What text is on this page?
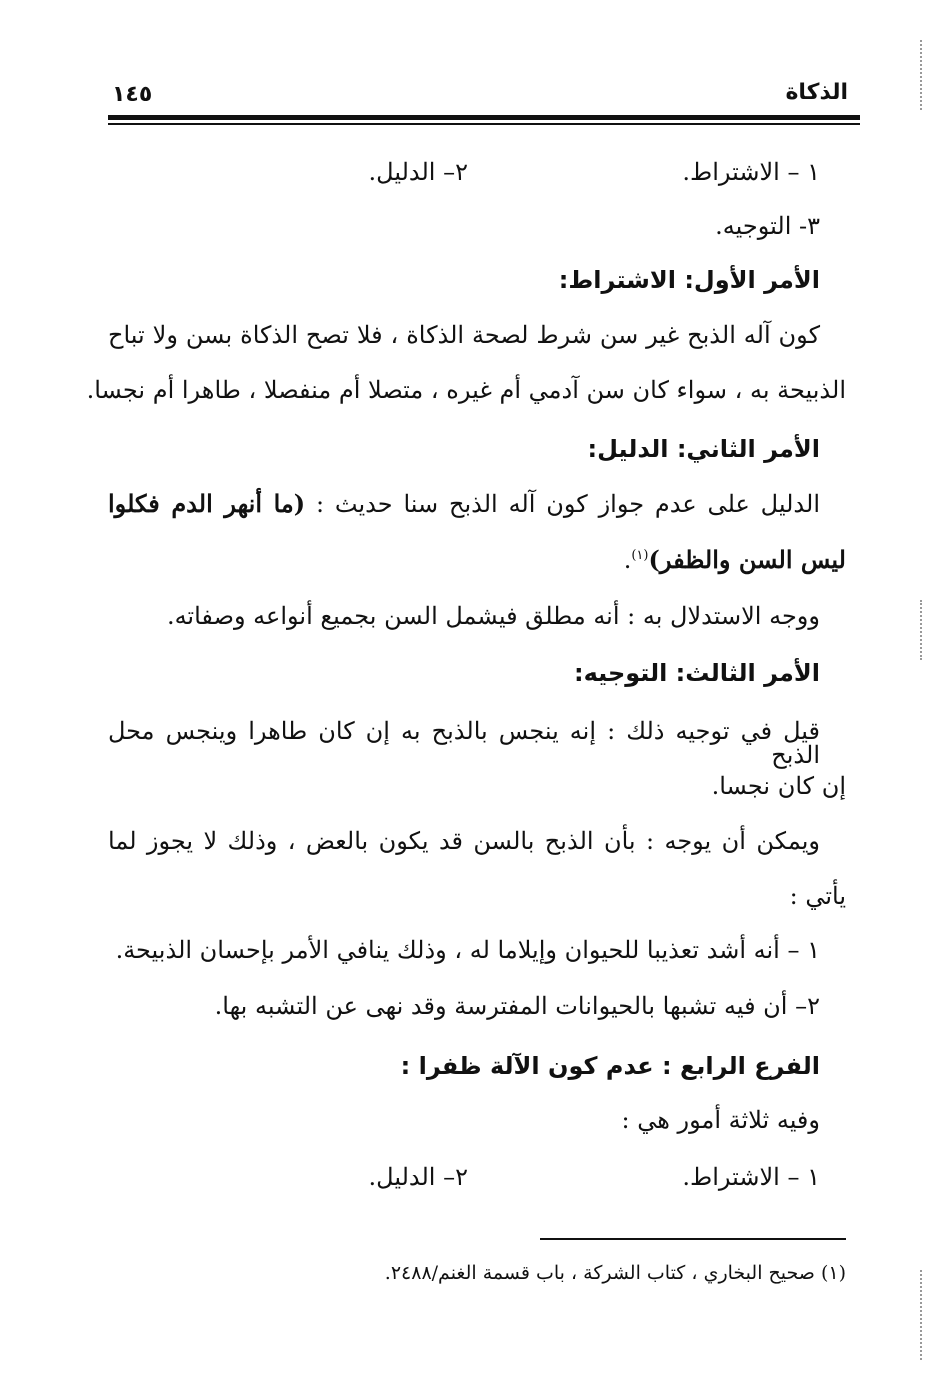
الذكاة
١٤٥
١ – الاشتراط.
٢– الدليل.
٣- التوجيه.
الأمر الأول: الاشتراط:
كون آله الذبح غير سن شرط لصحة الذكاة ، فلا تصح الذكاة بسن ولا تباح
الذبيحة به ، سواء كان سن آدمي أم غيره ، متصلا أم منفصلا ، طاهرا أم نجسا.
الأمر الثاني: الدليل:
الدليل على عدم جواز كون آله الذبح سنا حديث : (ما أنهر الدم فكلوا
ليس السن والظفر)$^{(١)}$.
ووجه الاستدلال به : أنه مطلق فيشمل السن بجميع أنواعه وصفاته.
الأمر الثالث: التوجيه:
قيل في توجيه ذلك : إنه ينجس بالذبح به إن كان طاهرا وينجس محل الذبح
إن كان نجسا.
ويمكن أن يوجه : بأن الذبح بالسن قد يكون بالعض ، وذلك لا يجوز لما
يأتي :
١ – أنه أشد تعذيبا للحيوان وإيلاما له ، وذلك ينافي الأمر بإحسان الذبيحة.
٢– أن فيه تشبها بالحيوانات المفترسة وقد نهى عن التشبه بها.
الفرع الرابع : عدم كون الآلة ظفرا :
وفيه ثلاثة أمور هي :
١ – الاشتراط.
٢– الدليل.
(١) صحيح البخاري ، كتاب الشركة ، باب قسمة الغنم/٢٤٨٨.
